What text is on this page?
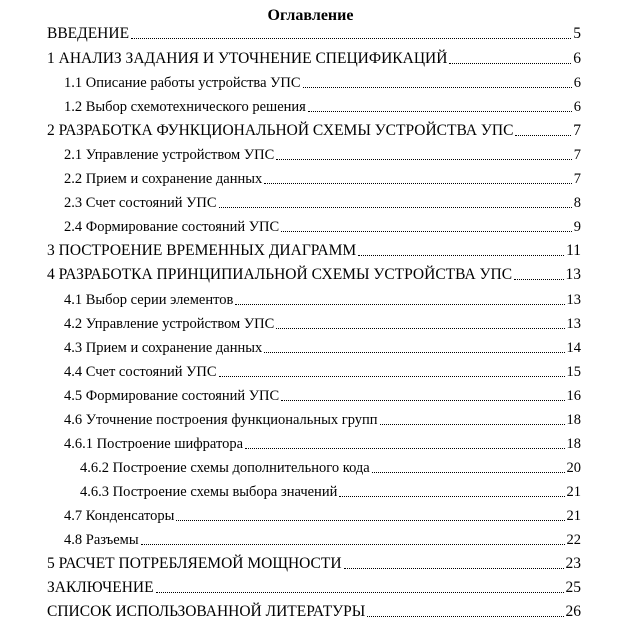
Оглавление
ВВЕДЕНИЕ	5
1 АНАЛИЗ ЗАДАНИЯ И УТОЧНЕНИЕ СПЕЦИФИКАЦИЙ	6
1.1 Описание работы устройства УПС	6
1.2 Выбор схемотехнического решения	6
2 РАЗРАБОТКА ФУНКЦИОНАЛЬНОЙ СХЕМЫ УСТРОЙСТВА УПС	7
2.1 Управление устройством УПС	7
2.2 Прием и сохранение данных	7
2.3 Счет состояний УПС	8
2.4 Формирование состояний УПС	9
3 ПОСТРОЕНИЕ ВРЕМЕННЫХ ДИАГРАММ	11
4 РАЗРАБОТКА ПРИНЦИПИАЛЬНОЙ СХЕМЫ УСТРОЙСТВА УПС	13
4.1 Выбор серии элементов	13
4.2 Управление устройством УПС	13
4.3 Прием и сохранение данных	14
4.4 Счет состояний УПС	15
4.5 Формирование состояний УПС	16
4.6 Уточнение построения функциональных групп	18
4.6.1 Построение шифратора	18
4.6.2 Построение схемы дополнительного кода	20
4.6.3 Построение схемы выбора значений	21
4.7 Конденсаторы	21
4.8 Разъемы	22
5 РАСЧЕТ ПОТРЕБЛЯЕМОЙ МОЩНОСТИ	23
ЗАКЛЮЧЕНИЕ	25
СПИСОК ИСПОЛЬЗОВАННОЙ ЛИТЕРАТУРЫ	26
